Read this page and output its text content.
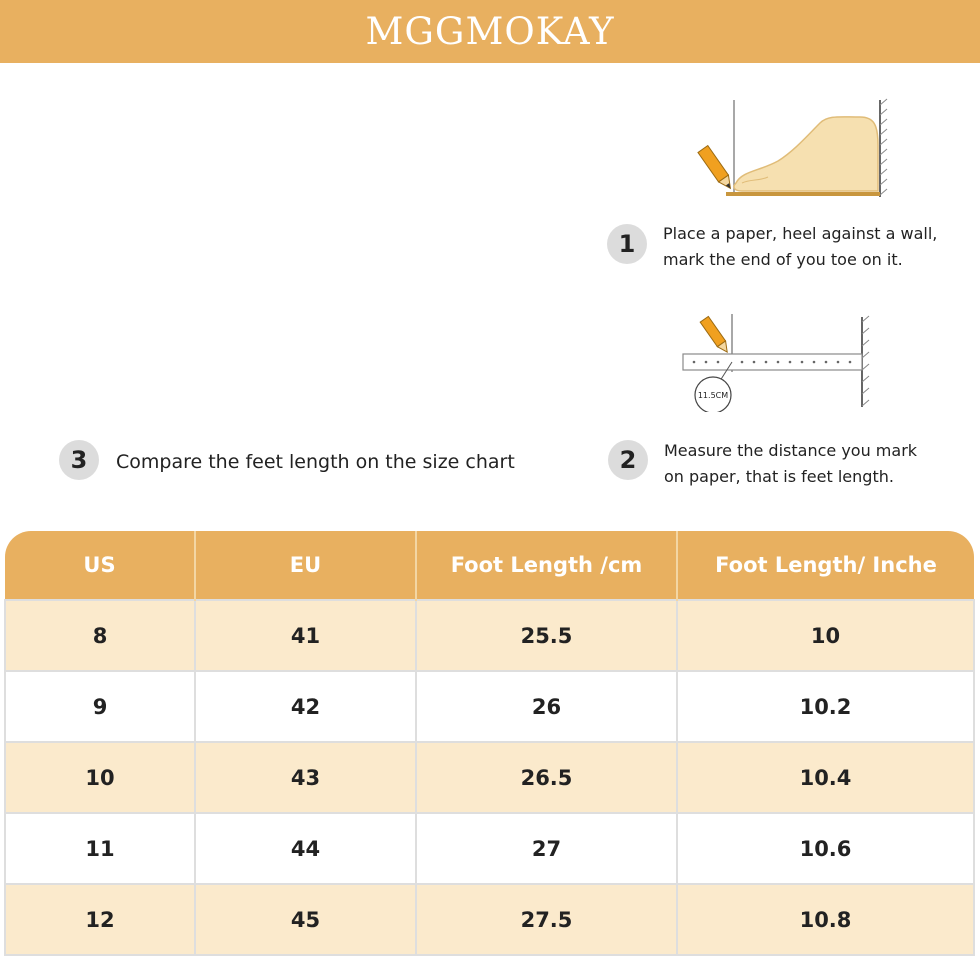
MGGMOKAY
11.5CM
1	Place a paper, heel against a wall,
mark the end of you toe on it.
2	Measure the distance you mark
on paper, that is feet length.
3	Compare the feet length on the size chart
US	EU	Foot Length /cm	Foot Length/ Inche
8	41	25.5	10
9	42	26	10.2
10	43	26.5	10.4
11	44	27	10.6
12	45	27.5	10.8
